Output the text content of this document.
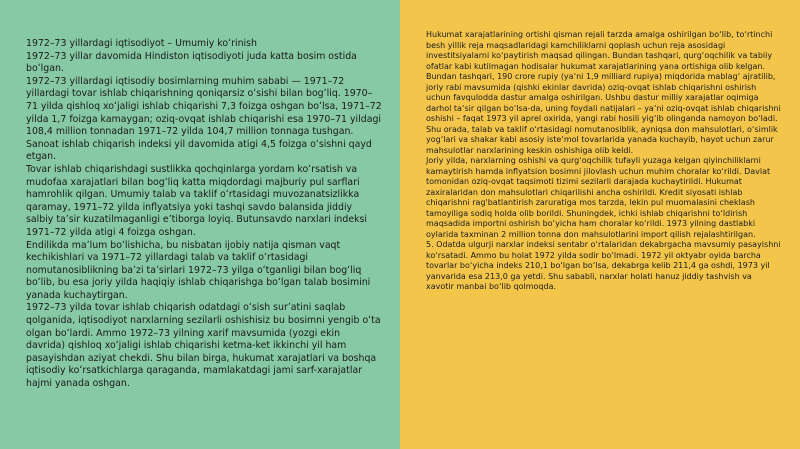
1972–73 yillardagi iqtisodiyot – Umumiy koʻrinish

1972–73 yillar davomida Hindiston iqtisodiyoti juda katta bosim ostida boʻlgan.

1972–73 yillardagi iqtisodiy bosimlarning muhim sababi — 1971–72 yillardagi tovar ishlab chiqarishning qoniqarsiz oʻsishi bilan bogʻliq. 1970–71 yilda qishloq xoʻjaligi ishlab chiqarishi 7,3 foizga oshgan boʻlsa, 1971–72 yilda 1,7 foizga kamaygan; oziq-ovqat ishlab chiqarishi esa 1970–71 yildagi 108,4 million tonnadan 1971–72 yilda 104,7 million tonnaga tushgan. Sanoat ishlab chiqarish indeksi yil davomida atigi 4,5 foizga oʻsishni qayd etgan.

Tovar ishlab chiqarishdagi sustlikka qochqinlarga yordam koʻrsatish va mudofaa xarajatlari bilan bogʻliq katta miqdordagi majburiy pul sarflari hamrohlik qilgan. Umumiy talab va taklif oʻrtasidagi muvozanatsizlikka qaramay, 1971–72 yilda inflyatsiya yoki tashqi savdo balansida jiddiy salbiy taʼsir kuzatilmaganligi eʼtiborga loyiq. Butunsavdo narxlari indeksi 1971–72 yilda atigi 4 foizga oshgan.

Endilikda maʼlum boʻlishicha, bu nisbatan ijobiy natija qisman vaqt kechikishlari va 1971–72 yillardagi talab va taklif oʻrtasidagi nomutanosiblikning baʼzi taʼsirlari 1972–73 yilga oʻtganligi bilan bogʻliq boʻlib, bu esa joriy yilda haqiqiy ishlab chiqarishga boʻlgan talab bosimini yanada kuchaytirgan.

1972–73 yilda tovar ishlab chiqarish odatdagi oʻsish surʼatini saqlab qolganida, iqtisodiyot narxlarning sezilarli oshishisiz bu bosimni yengib oʻta olgan boʻlardi. Ammo 1972–73 yilning xarif mavsumida (yozgi ekin davrida) qishloq xoʻjaligi ishlab chiqarishi ketma-ket ikkinchi yil ham pasayishdan aziyat chekdi. Shu bilan birga, hukumat xarajatlari va boshqa iqtisodiy koʻrsatkichlarga qaraganda, mamlakatdagi jami sarf-xarajatlar hajmi yanada oshgan.

Hukumat xarajatlarining ortishi qisman rejali tarzda amalga oshirilgan boʻlib, toʻrtinchi besh yillik reja maqsadlaridagi kamchiliklarni qoplash uchun reja asosidagi investitsiyalarni koʻpaytirish maqsad qilingan. Bundan tashqari, qurgʻoqchilik va tabiiy ofatlar kabi kutilmagan hodisalar hukumat xarajatlarining yana ortishiga olib kelgan.

Bundan tashqari, 190 crore rupiy (yaʼni 1,9 milliard rupiya) miqdorida mablagʻ ajratilib, joriy rabi mavsumida (qishki ekinlar davrida) oziq-ovqat ishlab chiqarishni oshirish uchun favqulodda dastur amalga oshirilgan. Ushbu dastur milliy xarajatlar oqimiga darhol taʼsir qilgan boʻlsa-da, uning foydali natijalari – yaʼni oziq-ovqat ishlab chiqarishni oshishi – faqat 1973 yil aprel oxirida, yangi rabi hosili yigʻib olinganda namoyon boʻladi.

Shu orada, talab va taklif oʻrtasidagi nomutanosiblik, ayniqsa don mahsulotlari, oʻsimlik yogʻlari va shakar kabi asosiy isteʼmol tovarlarida yanada kuchayib, hayot uchun zarur mahsulotlar narxlarining keskin oshishiga olib keldi.

Joriy yilda, narxlarning oshishi va qurgʻoqchilik tufayli yuzaga kelgan qiyinchiliklarni kamaytirish hamda inflyatsion bosimni jilovlash uchun muhim choralar koʻrildi. Davlat tomonidan oziq-ovqat taqsimoti tizimi sezilarli darajada kuchaytirildi. Hukumat zaxiralaridan don mahsulotlari chiqarilishi ancha oshirildi. Kredit siyosati ishlab chiqarishni rag'batlantirish zaruratiga mos tarzda, lekin pul muomalasini cheklash tamoyiliga sodiq holda olib borildi. Shuningdek, ichki ishlab chiqarishni toʻldirish maqsadida importni oshirish boʻyicha ham choralar koʻrildi. 1973 yilning dastlabki oylarida taxminan 2 million tonna don mahsulotlarini import qilish rejalashtirilgan.

5. Odatda ulgurji narxlar indeksi sentabr oʻrtalaridan dekabrgacha mavsumiy pasayishni koʻrsatadi. Ammo bu holat 1972 yilda sodir boʻlmadi. 1972 yil oktyabr oyida barcha tovarlar boʻyicha indeks 210,1 boʻlgan boʻlsa, dekabrga kelib 211,4 ga oshdi, 1973 yil yanvarida esa 213,0 ga yetdi. Shu sababli, narxlar holati hanuz jiddiy tashvish va xavotir manbai boʻlib qolmoqda.
